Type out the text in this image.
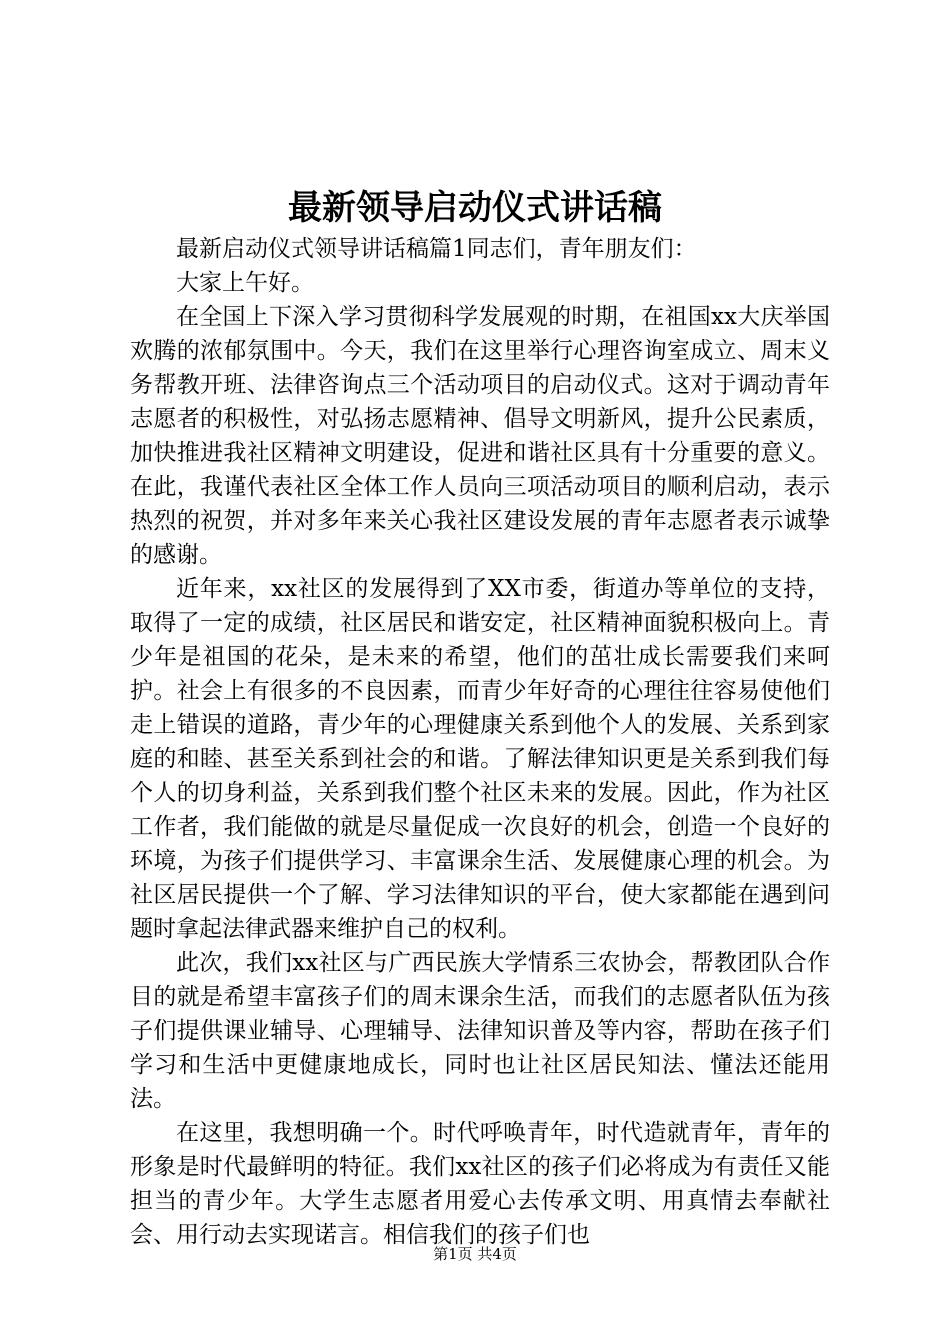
最新领导启动仪式讲话稿

最新启动仪式领导讲话稿篇1同志们，青年朋友们：

大家上午好。

在全国上下深入学习贯彻科学发展观的时期，在祖国xx大庆举国欢腾的浓郁氛围中。今天，我们在这里举行心理咨询室成立、周末义务帮教开班、法律咨询点三个活动项目的启动仪式。这对于调动青年志愿者的积极性，对弘扬志愿精神、倡导文明新风，提升公民素质，加快推进我社区精神文明建设，促进和谐社区具有十分重要的意义。在此，我谨代表社区全体工作人员向三项活动项目的顺利启动，表示热烈的祝贺，并对多年来关心我社区建设发展的青年志愿者表示诚挚的感谢。

近年来，xx社区的发展得到了XX市委，街道办等单位的支持，取得了一定的成绩，社区居民和谐安定，社区精神面貌积极向上。青少年是祖国的花朵，是未来的希望，他们的茁壮成长需要我们来呵护。社会上有很多的不良因素，而青少年好奇的心理往往容易使他们走上错误的道路，青少年的心理健康关系到他个人的发展、关系到家庭的和睦、甚至关系到社会的和谐。了解法律知识更是关系到我们每个人的切身利益，关系到我们整个社区未来的发展。因此，作为社区工作者，我们能做的就是尽量促成一次良好的机会，创造一个良好的环境，为孩子们提供学习、丰富课余生活、发展健康心理的机会。为社区居民提供一个了解、学习法律知识的平台，使大家都能在遇到问题时拿起法律武器来维护自己的权利。

此次，我们xx社区与广西民族大学情系三农协会，帮教团队合作目的就是希望丰富孩子们的周末课余生活，而我们的志愿者队伍为孩子们提供课业辅导、心理辅导、法律知识普及等内容，帮助在孩子们学习和生活中更健康地成长，同时也让社区居民知法、懂法还能用法。

在这里，我想明确一个。时代呼唤青年，时代造就青年，青年的形象是时代最鲜明的特征。我们xx社区的孩子们必将成为有责任又能担当的青少年。大学生志愿者用爱心去传承文明、用真情去奉献社会、用行动去实现诺言。相信我们的孩子们也

第1页 共4页
